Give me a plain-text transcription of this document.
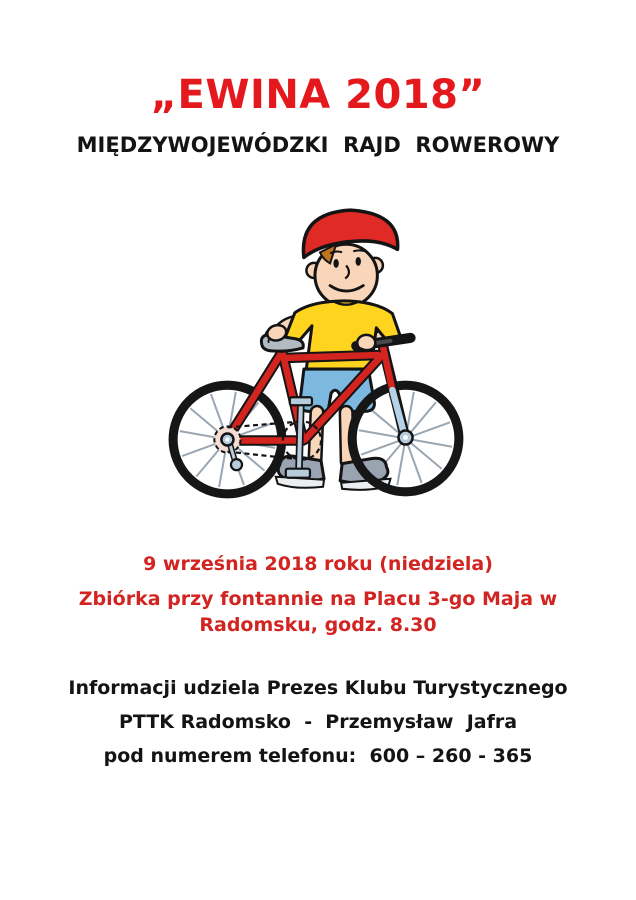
„EWINA 2018”
MIĘDZYWOJEWÓDZKI  RAJD  ROWEROWY
9 września 2018 roku (niedziela)
Zbiórka przy fontannie na Placu 3-go Maja w
Radomsku, godz. 8.30

Informacji udziela Prezes Klubu Turystycznego

PTTK Radomsko  -  Przemysław  Jafra

pod numerem telefonu:  600 – 260 - 365
